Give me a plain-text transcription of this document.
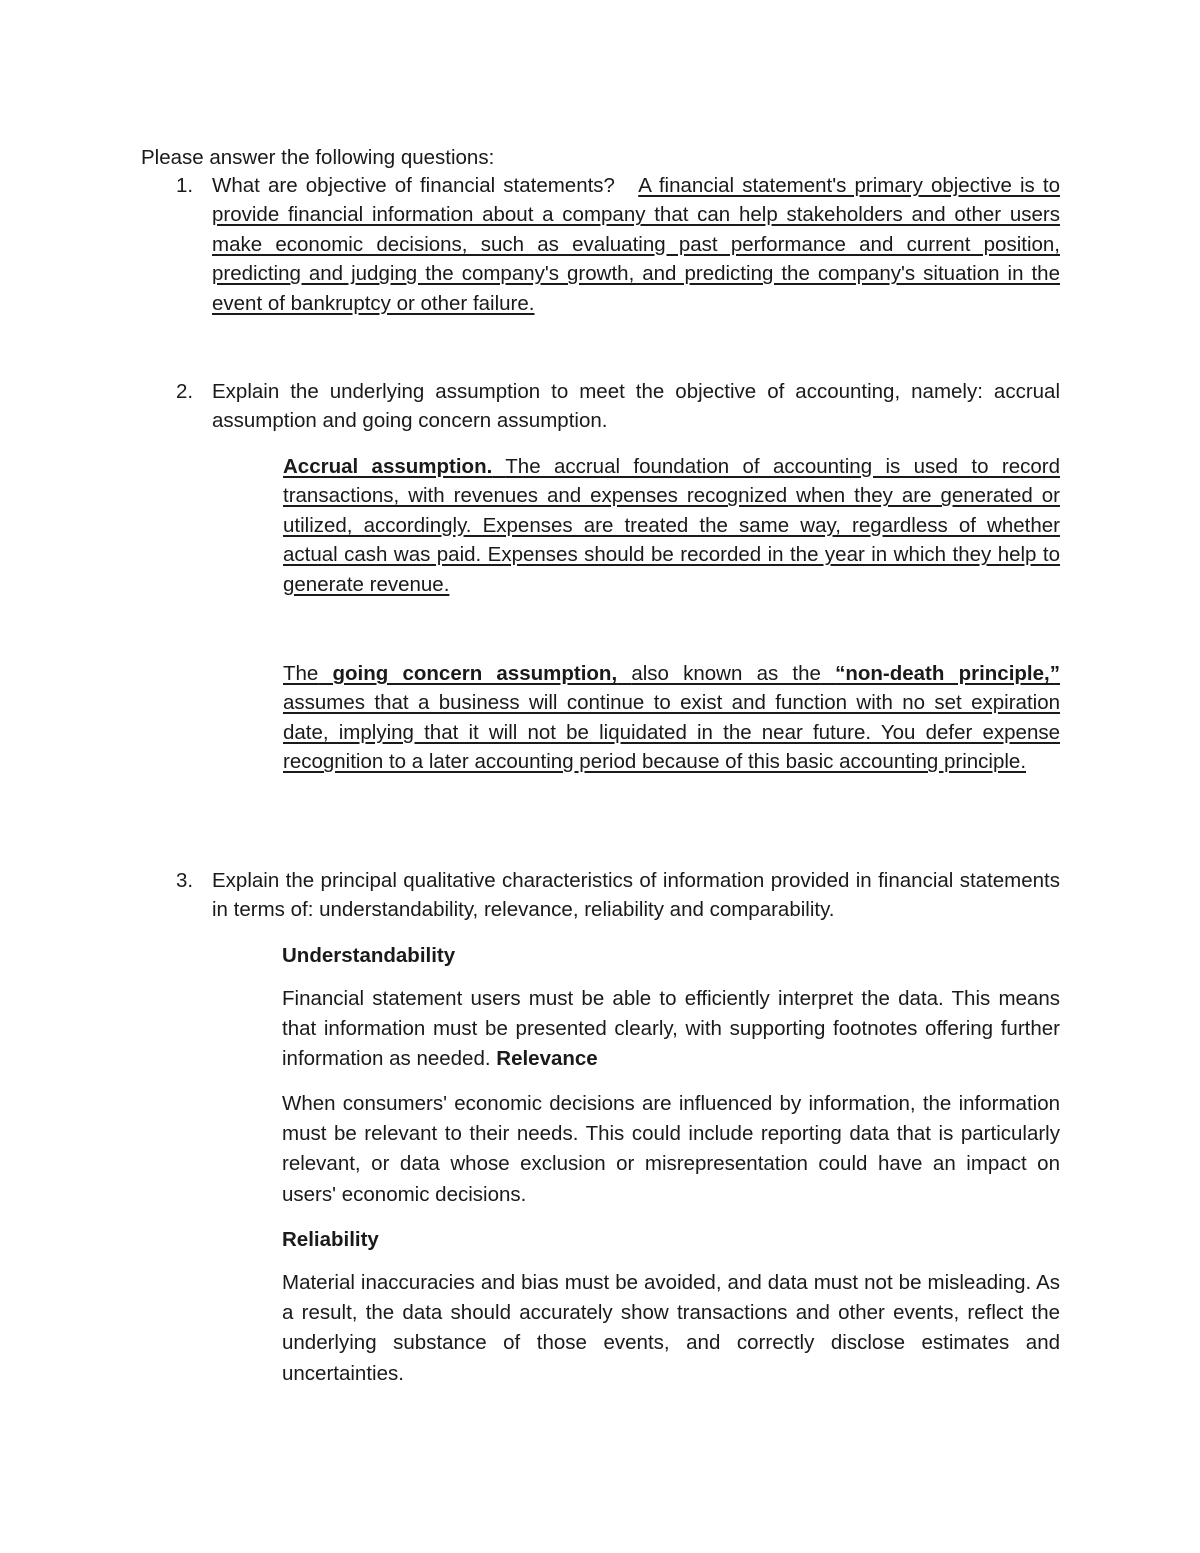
Please answer the following questions:
1. What are objective of financial statements? A financial statement's primary objective is to provide financial information about a company that can help stakeholders and other users make economic decisions, such as evaluating past performance and current position, predicting and judging the company's growth, and predicting the company's situation in the event of bankruptcy or other failure.
2. Explain the underlying assumption to meet the objective of accounting, namely: accrual assumption and going concern assumption.
Accrual assumption. The accrual foundation of accounting is used to record transactions, with revenues and expenses recognized when they are generated or utilized, accordingly. Expenses are treated the same way, regardless of whether actual cash was paid. Expenses should be recorded in the year in which they help to generate revenue.
The going concern assumption, also known as the “non-death principle,” assumes that a business will continue to exist and function with no set expiration date, implying that it will not be liquidated in the near future. You defer expense recognition to a later accounting period because of this basic accounting principle.
3. Explain the principal qualitative characteristics of information provided in financial statements in terms of: understandability, relevance, reliability and comparability.
Understandability
Financial statement users must be able to efficiently interpret the data. This means that information must be presented clearly, with supporting footnotes offering further information as needed. Relevance
When consumers' economic decisions are influenced by information, the information must be relevant to their needs. This could include reporting data that is particularly relevant, or data whose exclusion or misrepresentation could have an impact on users' economic decisions.
Reliability
Material inaccuracies and bias must be avoided, and data must not be misleading. As a result, the data should accurately show transactions and other events, reflect the underlying substance of those events, and correctly disclose estimates and uncertainties.
